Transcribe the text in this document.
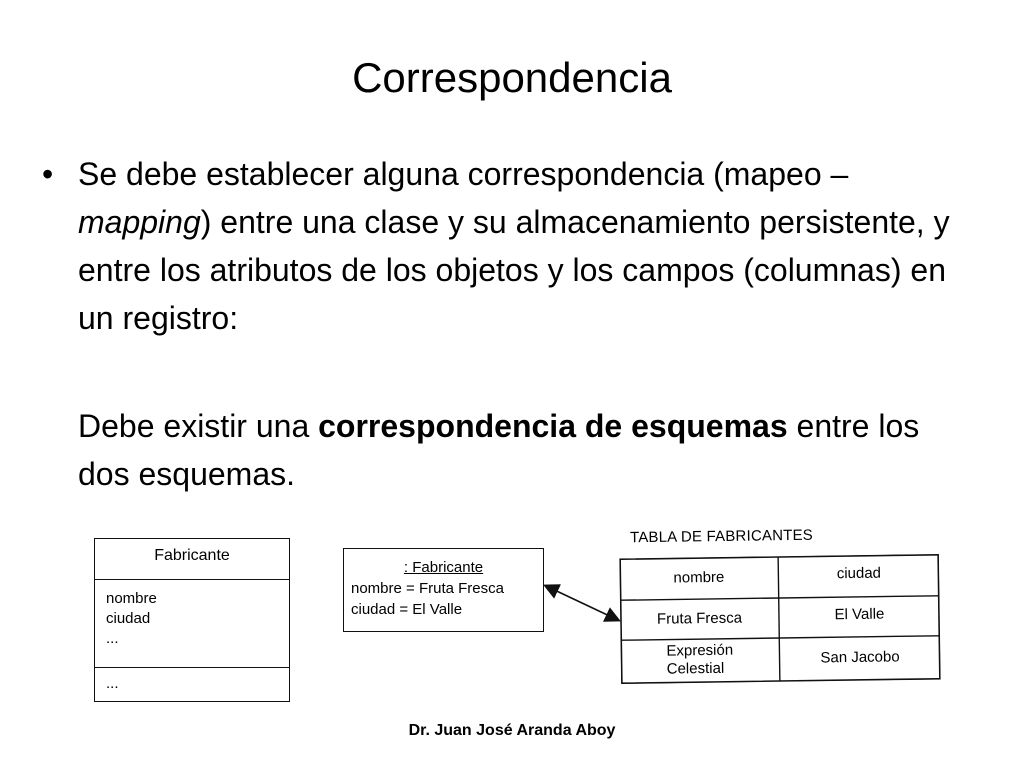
Correspondencia
• Se debe establecer alguna correspondencia (mapeo – mapping) entre una clase y su almacenamiento persistente, y entre los atributos de los objetos y los campos (columnas) en un registro:
Debe existir una correspondencia de esquemas entre los dos esquemas.
Fabricante
nombre
ciudad
...
...
: Fabricante
nombre = Fruta Fresca
ciudad = El Valle
TABLA DE FABRICANTES
nombre	ciudad
Fruta Fresca	El Valle
Expresión
Celestial
San Jacobo
Dr. Juan José Aranda Aboy
